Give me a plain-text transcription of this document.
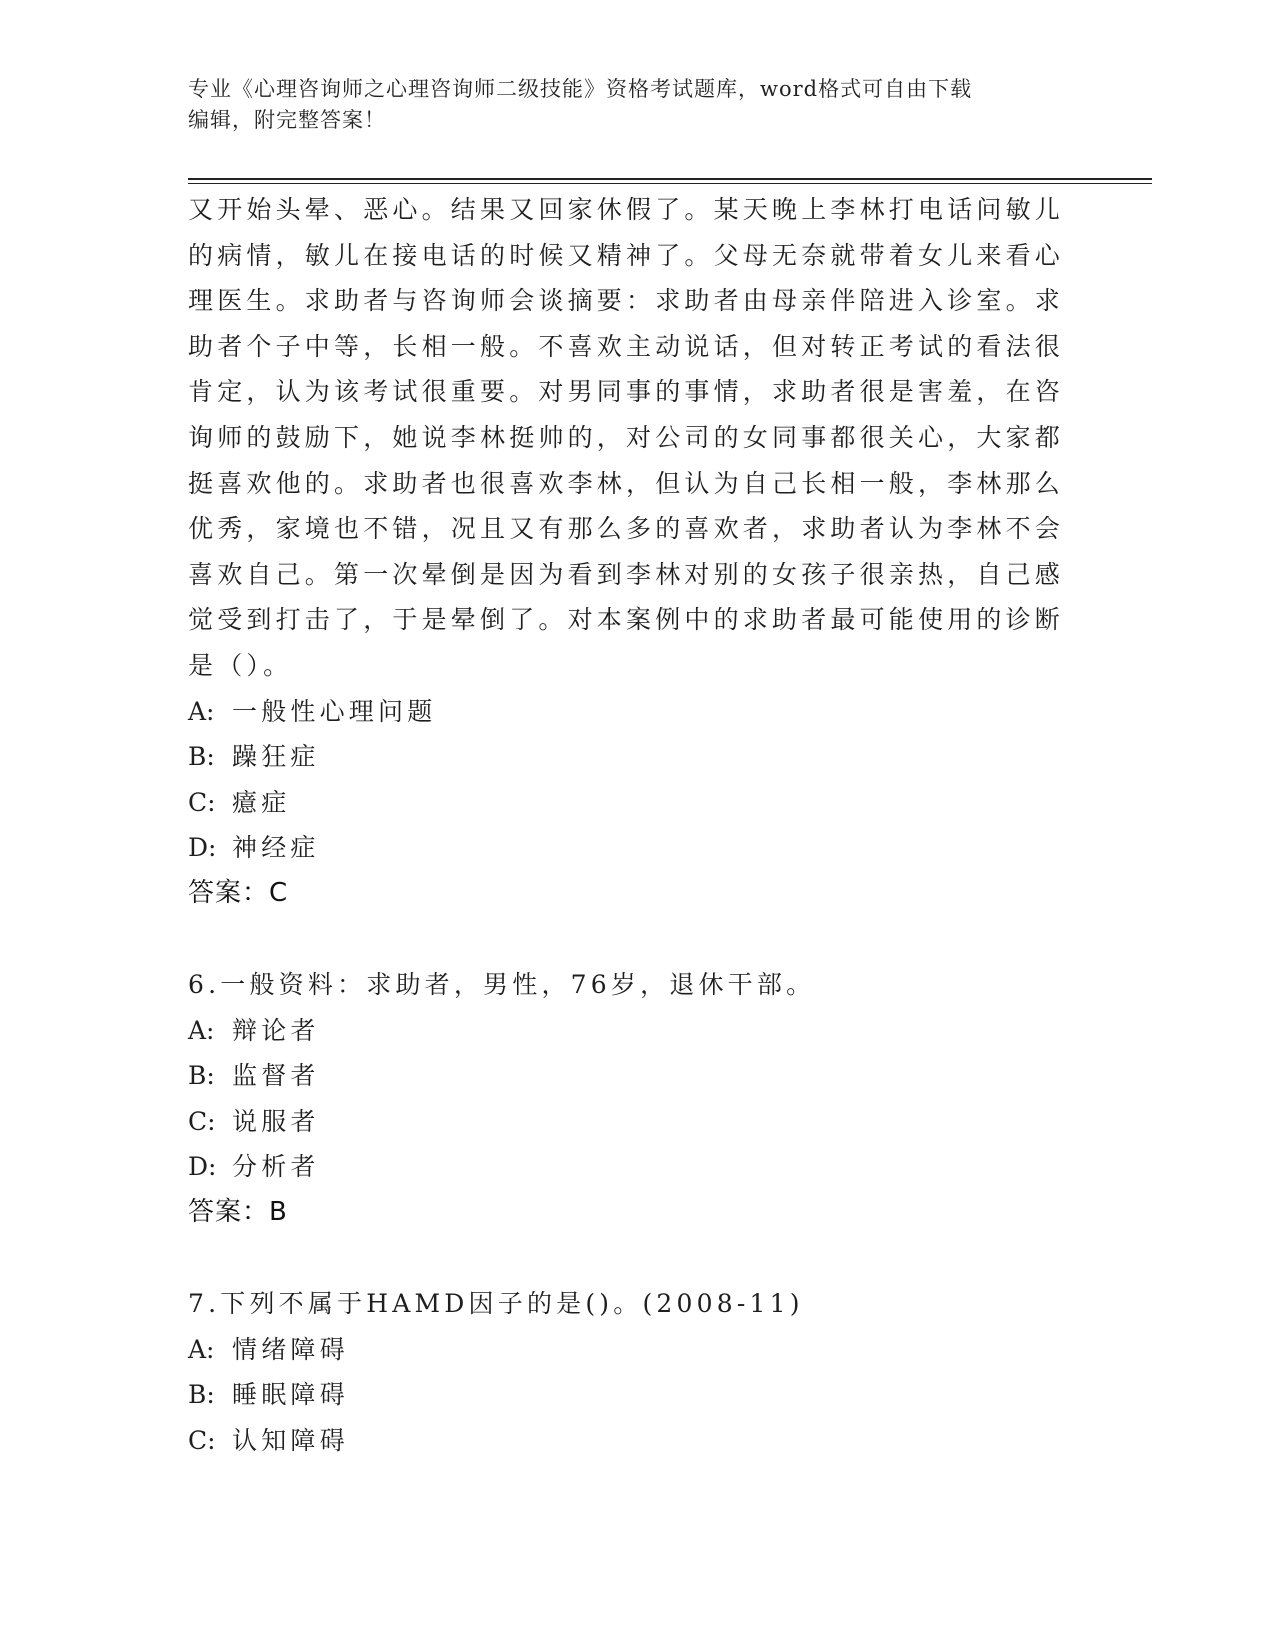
专业《心理咨询师之心理咨询师二级技能》资格考试题库，word格式可自由下载
编辑，附完整答案！
又开始头晕、恶心。结果又回家休假了。某天晚上李林打电话问敏儿
的病情，敏儿在接电话的时候又精神了。父母无奈就带着女儿来看心
理医生。求助者与咨询师会谈摘要：求助者由母亲伴陪进入诊室。求
助者个子中等，长相一般。不喜欢主动说话，但对转正考试的看法很
肯定，认为该考试很重要。对男同事的事情，求助者很是害羞，在咨
询师的鼓励下，她说李林挺帅的，对公司的女同事都很关心，大家都
挺喜欢他的。求助者也很喜欢李林，但认为自己长相一般，李林那么
优秀，家境也不错，况且又有那么多的喜欢者，求助者认为李林不会
喜欢自己。第一次晕倒是因为看到李林对别的女孩子很亲热，自己感
觉受到打击了，于是晕倒了。对本案例中的求助者最可能使用的诊断
是（）。
A: 一般性心理问题
B: 躁狂症
C: 癔症
D: 神经症
答案：C
6.一般资料：求助者，男性，76岁，退休干部。
A: 辩论者
B: 监督者
C: 说服者
D: 分析者
答案：B
7.下列不属于HAMD因子的是()。(2008-11)
A: 情绪障碍
B: 睡眠障碍
C: 认知障碍
